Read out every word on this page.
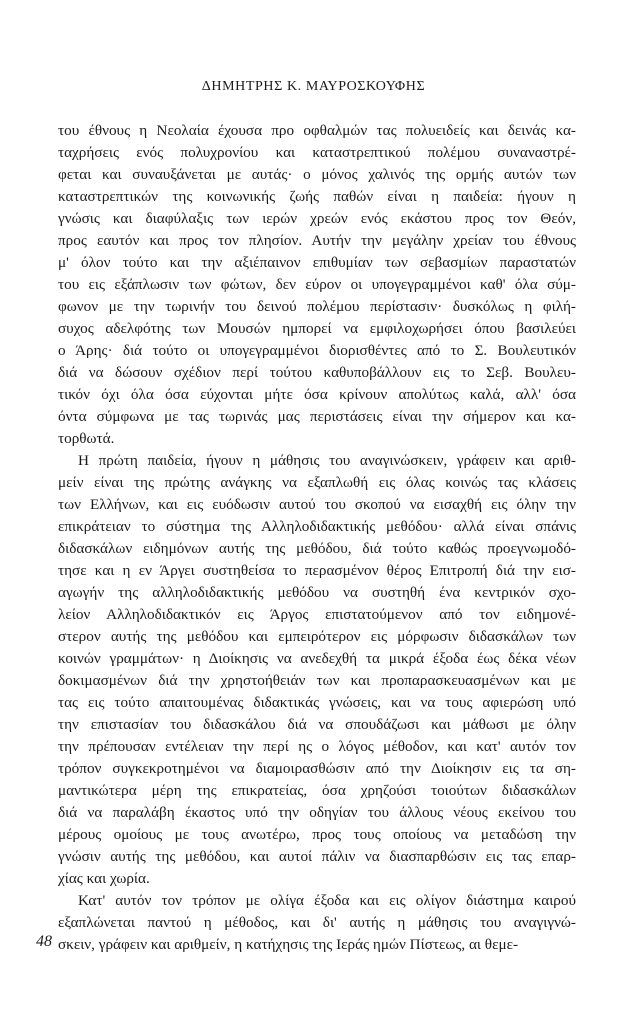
ΔΗΜΗΤΡΗΣ Κ. ΜΑΥΡΟΣΚΟΥΦΗΣ
του έθνους η Νεολαία έχουσα προ οφθαλμών τας πολυειδείς και δεινάς κα-
ταχρήσεις ενός πολυχρονίου και καταστρεπτικού πολέμου συναναστρέ-
φεται και συναυξάνεται με αυτάς· ο μόνος χαλινός της ορμής αυτών των
καταστρεπτικών της κοινωνικής ζωής παθών είναι η παιδεία: ήγουν η
γνώσις και διαφύλαξις των ιερών χρεών ενός εκάστου προς τον Θεόν,
προς εαυτόν και προς τον πλησίον. Αυτήν την μεγάλην χρείαν του έθνους
μ' όλον τούτο και την αξιέπαινον επιθυμίαν των σεβασμίων παραστατών
του εις εξάπλωσιν των φώτων, δεν εύρον οι υπογεγραμμένοι καθ' όλα σύμ-
φωνον με την τωρινήν του δεινού πολέμου περίστασιν· δυσκόλως η φιλή-
συχος αδελφότης των Μουσών ημπορεί να εμφιλοχωρήσει όπου βασιλεύει
ο Άρης· διά τούτο οι υπογεγραμμένοι διορισθέντες από το Σ. Βουλευτικόν
διά να δώσουν σχέδιον περί τούτου καθυποβάλλουν εις το Σεβ. Βουλευ-
τικόν όχι όλα όσα εύχονται μήτε όσα κρίνουν απολύτως καλά, αλλ' όσα
όντα σύμφωνα με τας τωρινάς μας περιστάσεις είναι την σήμερον και κα-
τορθωτά.
Η πρώτη παιδεία, ήγουν η μάθησις του αναγινώσκειν, γράφειν και αριθ-
μείν είναι της πρώτης ανάγκης να εξαπλωθή εις όλας κοινώς τας κλάσεις
των Ελλήνων, και εις ευόδωσιν αυτού του σκοπού να εισαχθή εις όλην την
επικράτειαν το σύστημα της Αλληλοδιδακτικής μεθόδου· αλλά είναι σπάνις
διδασκάλων ειδημόνων αυτής της μεθόδου, διά τούτο καθώς προεγνωμοδό-
τησε και η εν Άργει συστηθείσα το περασμένον θέρος Επιτροπή διά την εισ-
αγωγήν της αλληλοδιδακτικής μεθόδου να συστηθή ένα κεντρικόν σχο-
λείον Αλληλοδιδακτικόν εις Άργος επιστατούμενον από τον ειδημονέ-
στερον αυτής της μεθόδου και εμπειρότερον εις μόρφωσιν διδασκάλων των
κοινών γραμμάτων· η Διοίκησις να ανεδεχθή τα μικρά έξοδα έως δέκα νέων
δοκιμασμένων διά την χρηστοήθειάν των και προπαρασκευασμένων και με
τας εις τούτο απαιτουμένας διδακτικάς γνώσεις, και να τους αφιερώση υπό
την επιστασίαν του διδασκάλου διά να σπουδάζωσι και μάθωσι με όλην
την πρέπουσαν εντέλειαν την περί ης ο λόγος μέθοδον, και κατ' αυτόν τον
τρόπον συγκεκροτημένοι να διαμοιρασθώσιν από την Διοίκησιν εις τα ση-
μαντικώτερα μέρη της επικρατείας, όσα χρηζούσι τοιούτων διδασκάλων
διά να παραλάβη έκαστος υπό την οδηγίαν του άλλους νέους εκείνου του
μέρους ομοίους με τους ανωτέρω, προς τους οποίους να μεταδώση την
γνώσιν αυτής της μεθόδου, και αυτοί πάλιν να διασπαρθώσιν εις τας επαρ-
χίας και χωρία.
Κατ' αυτόν τον τρόπον με ολίγα έξοδα και εις ολίγον διάστημα καιρού
εξαπλώνεται παντού η μέθοδος, και δι' αυτής η μάθησις του αναγιγνώ-
σκειν, γράφειν και αριθμείν, η κατήχησις της Ιεράς ημών Πίστεως, αι θεμε-
48
